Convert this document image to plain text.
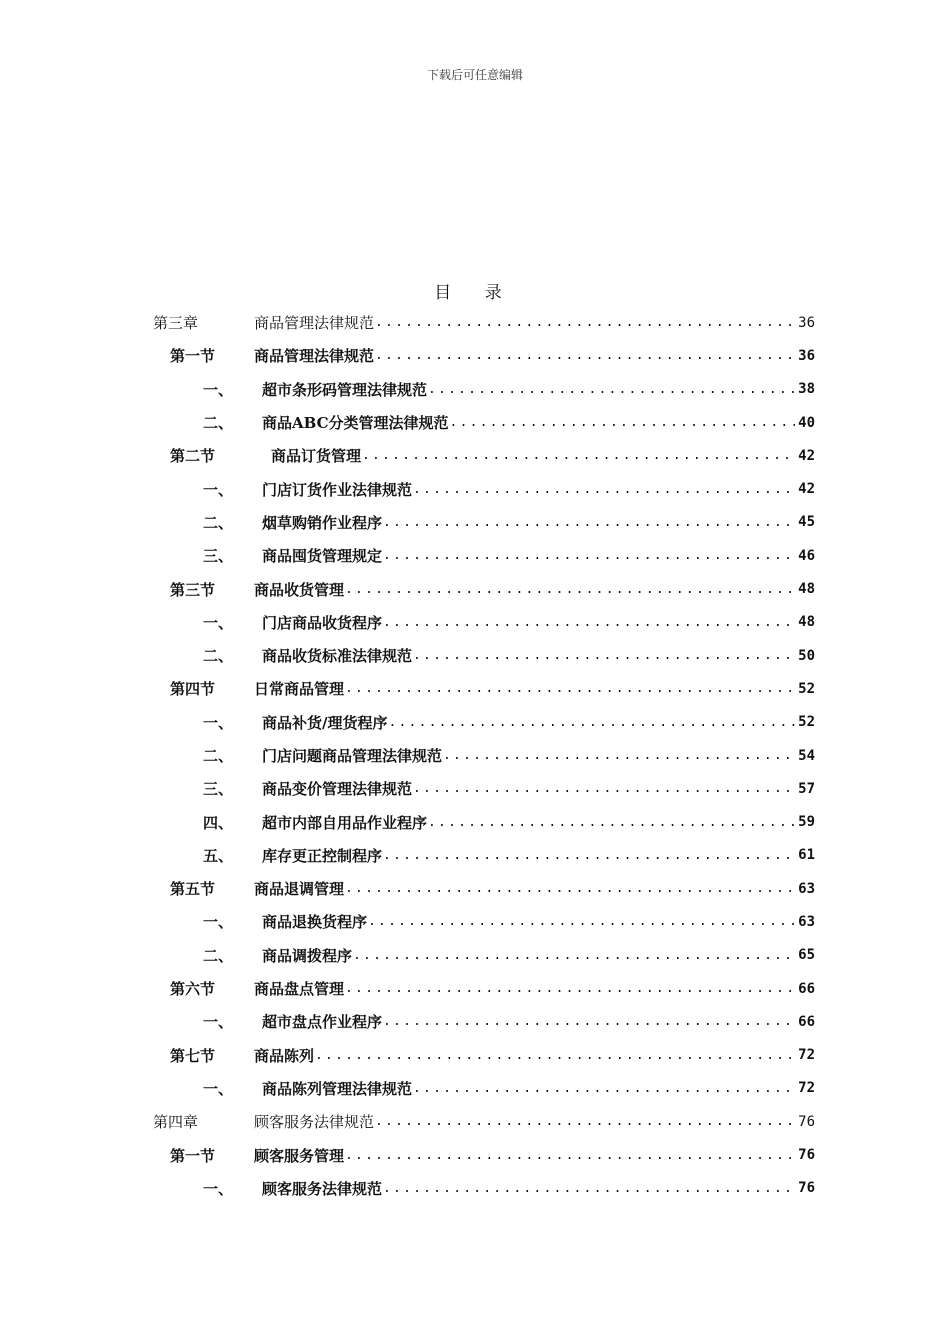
下载后可任意编辑
目 录
第三章	商品管理法律规范 .....	36
第一节	商品管理法律规范 .....	36
一、 超市条形码管理法律规范 .....	38
二、 商品ABC分类管理法律规范 .....	40
第二节	商品订货管理 .....	42
一、 门店订货作业法律规范 .....	42
二、 烟草购销作业程序 .....	45
三、 商品囤货管理规定 .....	46
第三节	商品收货管理 .....	48
一、 门店商品收货程序 .....	48
二、 商品收货标准法律规范 .....	50
第四节	日常商品管理 .....	52
一、 商品补货/理货程序 .....	52
二、 门店问题商品管理法律规范 .....	54
三、 商品变价管理法律规范 .....	57
四、 超市内部自用品作业程序 .....	59
五、 库存更正控制程序 .....	61
第五节	商品退调管理 .....	63
一、 商品退换货程序 .....	63
二、 商品调拨程序 .....	65
第六节	商品盘点管理 .....	66
一、 超市盘点作业程序 .....	66
第七节	商品陈列 .....	72
一、 商品陈列管理法律规范 .....	72
第四章	顾客服务法律规范 .....	76
第一节	顾客服务管理 .....	76
一、 顾客服务法律规范 .....	76
